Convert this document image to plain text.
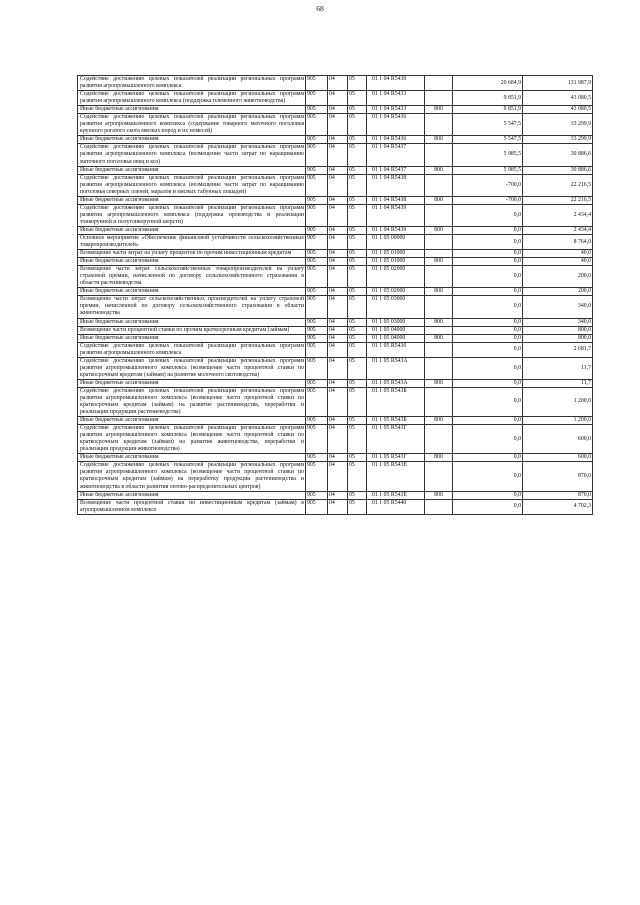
68
Содействие достижению целевых показателей реализации региональных программ развития агропромышленного комплекса	905	04	05	01 1 04 R5430		20 684,9	131 987,9
Содействие достижению целевых показателей реализации региональных программ развития агропромышленного комплекса (поддержка племенного животноводства)	905	04	05	01 1 04 R5433		9 851,9	43 080,5
Иные бюджетные ассигнования	905	04	05	01 1 04 R5433	800	9 851,9	43 080,5
Содействие достижению целевых показателей реализации региональных программ развития агропромышленного комплекса (содержание товарного маточного поголовья крупного рогатого скота мясных пород и их помесей)	905	04	05	01 1 04 R5436		5 547,5	33 299,9
Иные бюджетные ассигнования	905	04	05	01 1 04 R5436	800	5 547,5	33 299,9
Содействие достижению целевых показателей реализации региональных программ развития агропромышленного комплекса (возмещение части затрат по наращиванию маточного поголовья овец и коз)	905	04	05	01 1 04 R5437		5 985,5	30 886,6
Иные бюджетные ассигнования	905	04	05	01 1 04 R5437	800	5 985,5	30 886,6
Содействие достижению целевых показателей реализации региональных программ развития агропромышленного комплекса (возмещение части затрат по наращиванию поголовья северных оленей, маралов и мясных табунных лошадей)	905	04	05	01 1 04 R5438		-700,0	22 216,5
Иные бюджетные ассигнования	905	04	05	01 1 04 R5438	800	-700,0	22 216,5
Содействие достижению целевых показателей реализации региональных программ развития агропромышленного комплекса (поддержка производства и реализации тонкорунной и полутонкорунной шерсти)	905	04	05	01 1 04 R5439		0,0	2 434,4
Иные бюджетные ассигнования	905	04	05	01 1 04 R5439	800	0,0	2 434,4
Основное мероприятие «Обеспечение финансовой устойчивости сельскохозяйственных товаропроизводителей»	905	04	05	01 1 05 00000		0,0	8 764,0
Возмещение части затрат на уплату процентов по прочим инвестиционным кредитам	905	04	05	01 1 05 01000		0,0	40,0
Иные бюджетные ассигнования	905	04	05	01 1 05 01000	800	0,0	40,0
Возмещение части затрат сельскохозяйственных товаропроизводителей на уплату страховой премии, начисленной по договору сельскохозяйственного страхования в области растениеводства	905	04	05	01 1 05 02000		0,0	200,0
Иные бюджетные ассигнования	905	04	05	01 1 05 02000	800	0,0	200,0
Возмещение части затрат сельскохозяйственных производителей на уплату страховой премии, начисленной по договору сельскохозяйственного страхования в области животноводства	905	04	05	01 1 05 03000		0,0	340,0
Иные бюджетные ассигнования	905	04	05	01 1 05 03000	800	0,0	340,0
Возмещение части процентной ставки по прочим краткосрочным кредитам (займам)	905	04	05	01 1 05 04000		0,0	800,0
Иные бюджетные ассигнования	905	04	05	01 1 05 04000	800	0,0	800,0
Содействие достижению целевых показателей реализации региональных программ развития агропромышленного комплекса	905	04	05	01 1 05 R5430		0,0	2 681,7
Содействие достижению целевых показателей реализации региональных программ развития агропромышленного комплекса (возмещение части процентной ставки по краткосрочным кредитам (займам) на развитие молочного скотоводства)	905	04	05	01 1 05 R543A		0,0	11,7
Иные бюджетные ассигнования	905	04	05	01 1 05 R543A	800	0,0	11,7
Содействие достижению целевых показателей реализации региональных программ развития агропромышленного комплекса (возмещение части процентной ставки по краткосрочным кредитам (займам) на развитие растениеводства, переработки и реализации продукции растениеводства)	905	04	05	01 1 05 R543Б		0,0	1 200,0
Иные бюджетные ассигнования	905	04	05	01 1 05 R543Б	800	0,0	1 200,0
Содействие достижению целевых показателей реализации региональных программ развития агропромышленного комплекса (возмещение части процентной ставки по краткосрочным кредитам (займам) на развитие животноводства, переработки и реализации продукции животноводства)	905	04	05	01 1 05 R543Г		0,0	600,0
Иные бюджетные ассигнования	905	04	05	01 1 05 R543Г	800	0,0	600,0
Содействие достижению целевых показателей реализации региональных программ развития агропромышленного комплекса (возмещение части процентной ставки по краткосрочным кредитам (займам) на переработку продукции растениеводства и животноводства в области развития оптово-распределительных центров)	905	04	05	01 1 05 R543Е		0,0	870,0
Иные бюджетные ассигнования	905	04	05	01 1 05 R543Е	800	0,0	870,0
Возмещение части процентной ставки по инвестиционным кредитам (займам) в агропромышленном комплексе	905	04	05	01 1 05 R5440		0,0	4 702,3
